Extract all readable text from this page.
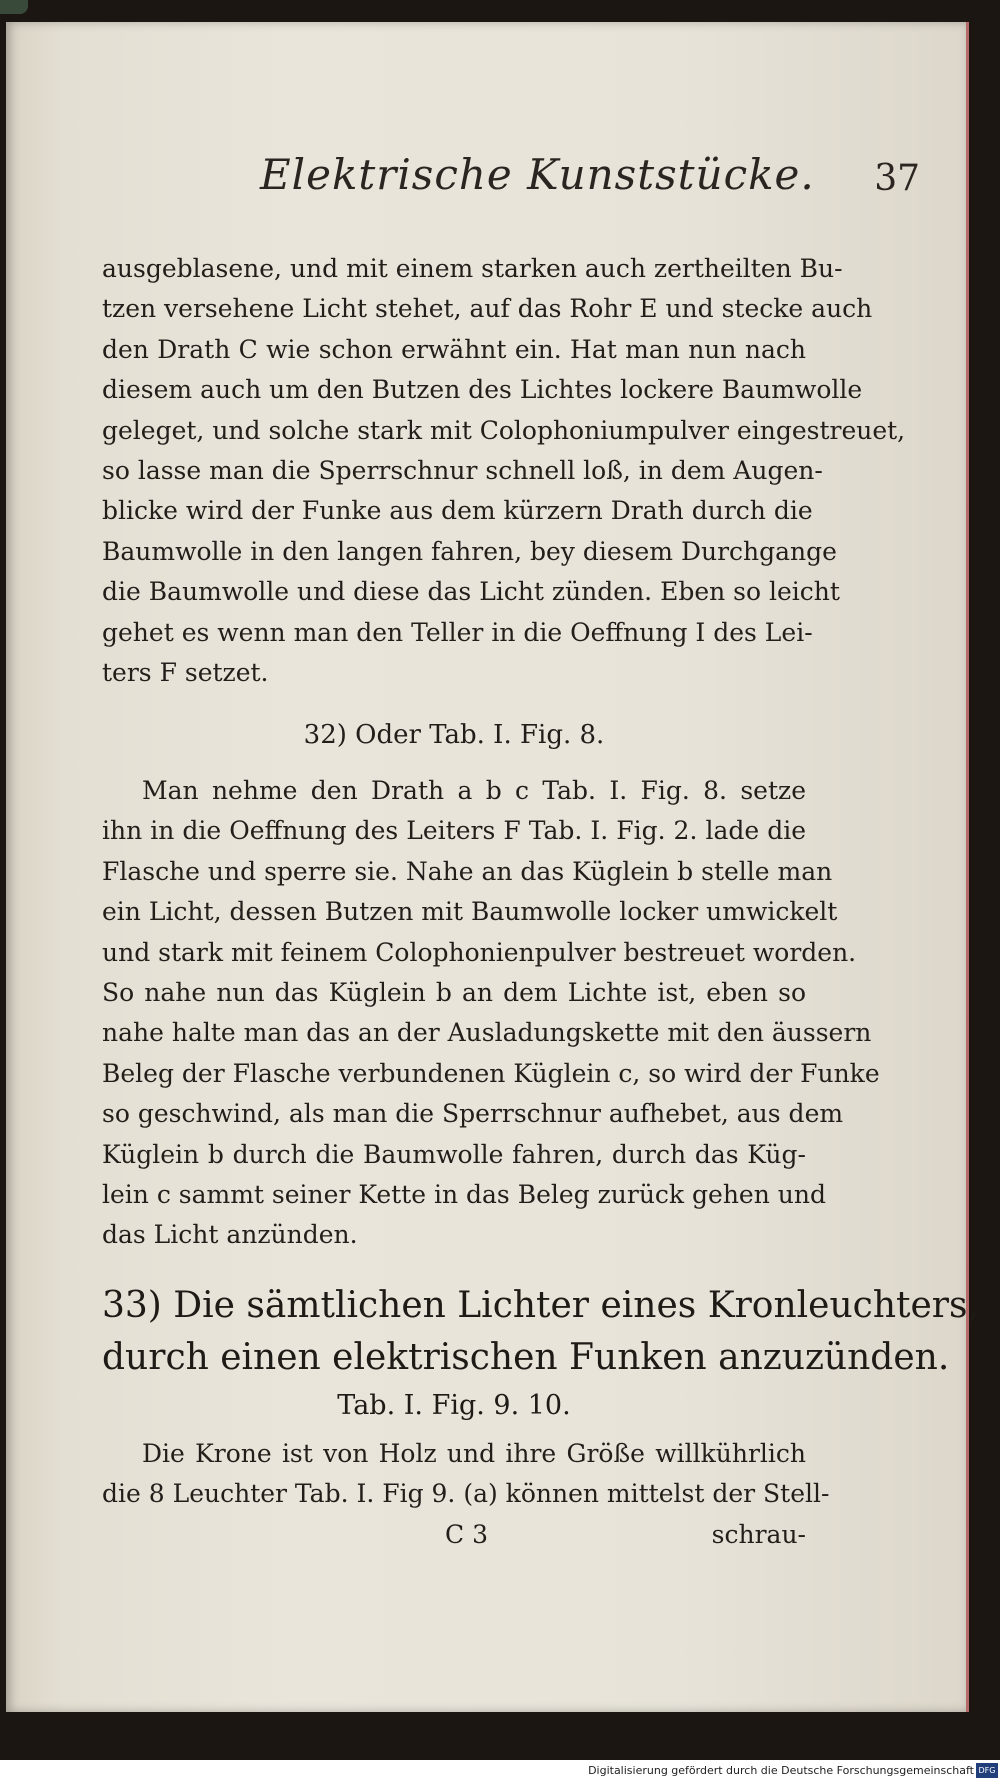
Elektrische Kunststücke. 37
ausgeblasene, und mit einem starken auch zertheilten Bu-
tzen versehene Licht stehet, auf das Rohr E und stecke auch
den Drath C wie schon erwähnt ein. Hat man nun nach
diesem auch um den Butzen des Lichtes lockere Baumwolle
geleget, und solche stark mit Colophoniumpulver eingestreuet,
so lasse man die Sperrschnur schnell loß, in dem Augen-
blicke wird der Funke aus dem kürzern Drath durch die
Baumwolle in den langen fahren, bey diesem Durchgange
die Baumwolle und diese das Licht zünden. Eben so leicht
gehet es wenn man den Teller in die Oeffnung I des Lei-
ters F setzet.
32) Oder Tab. I. Fig. 8.
Man nehme den Drath a b c Tab. I. Fig. 8. setze
ihn in die Oeffnung des Leiters F Tab. I. Fig. 2. lade die
Flasche und sperre sie. Nahe an das Küglein b stelle man
ein Licht, dessen Butzen mit Baumwolle locker umwickelt
und stark mit feinem Colophonienpulver bestreuet worden.
So nahe nun das Küglein b an dem Lichte ist, eben so
nahe halte man das an der Ausladungskette mit den äussern
Beleg der Flasche verbundenen Küglein c, so wird der Funke
so geschwind, als man die Sperrschnur aufhebet, aus dem
Küglein b durch die Baumwolle fahren, durch das Küg-
lein c sammt seiner Kette in das Beleg zurück gehen und
das Licht anzünden.
33) Die sämtlichen Lichter eines Kronleuchters,
durch einen elektrischen Funken anzuzünden.
Tab. I. Fig. 9. 10.
Die Krone ist von Holz und ihre Größe willkührlich
die 8 Leuchter Tab. I. Fig 9. (a) können mittelst der Stell-
C 3	schrau-
Digitalisierung gefördert durch die Deutsche Forschungsgemeinschaft DFG
